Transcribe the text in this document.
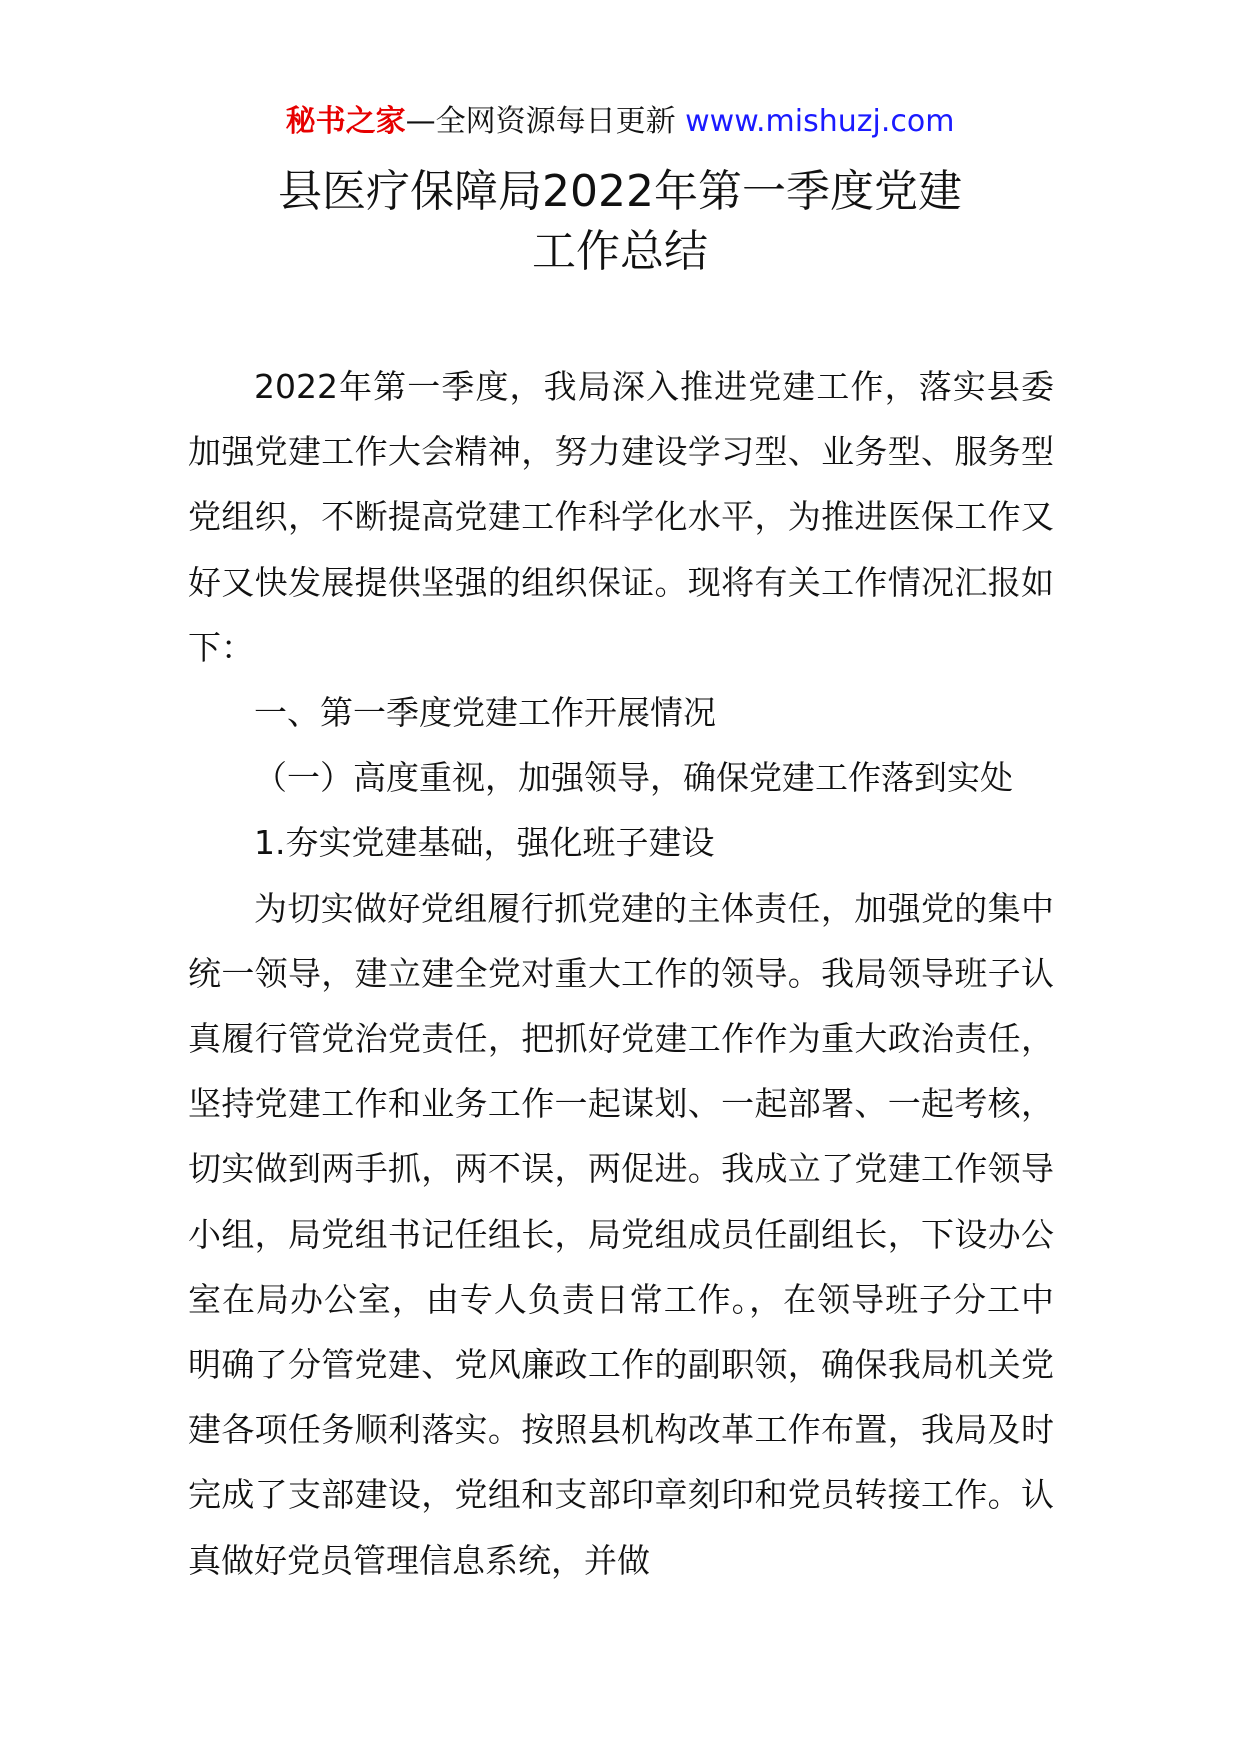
秘书之家—全网资源每日更新 www.mishuzj.com
县医疗保障局2022年第一季度党建
工作总结

2022年第一季度，我局深入推进党建工作，落实县委加强党建工作大会精神，努力建设学习型、业务型、服务型党组织，不断提高党建工作科学化水平，为推进医保工作又好又快发展提供坚强的组织保证。现将有关工作情况汇报如下：

一、第一季度党建工作开展情况

（一）高度重视，加强领导，确保党建工作落到实处

1.夯实党建基础，强化班子建设

为切实做好党组履行抓党建的主体责任，加强党的集中统一领导，建立建全党对重大工作的领导。我局领导班子认真履行管党治党责任，把抓好党建工作作为重大政治责任，坚持党建工作和业务工作一起谋划、一起部署、一起考核，切实做到两手抓，两不误，两促进。我成立了党建工作领导小组，局党组书记任组长，局党组成员任副组长，下设办公室在局办公室，由专人负责日常工作。，在领导班子分工中明确了分管党建、党风廉政工作的副职领，确保我局机关党建各项任务顺利落实。按照县机构改革工作布置，我局及时完成了支部建设，党组和支部印章刻印和党员转接工作。认真做好党员管理信息系统，并做
